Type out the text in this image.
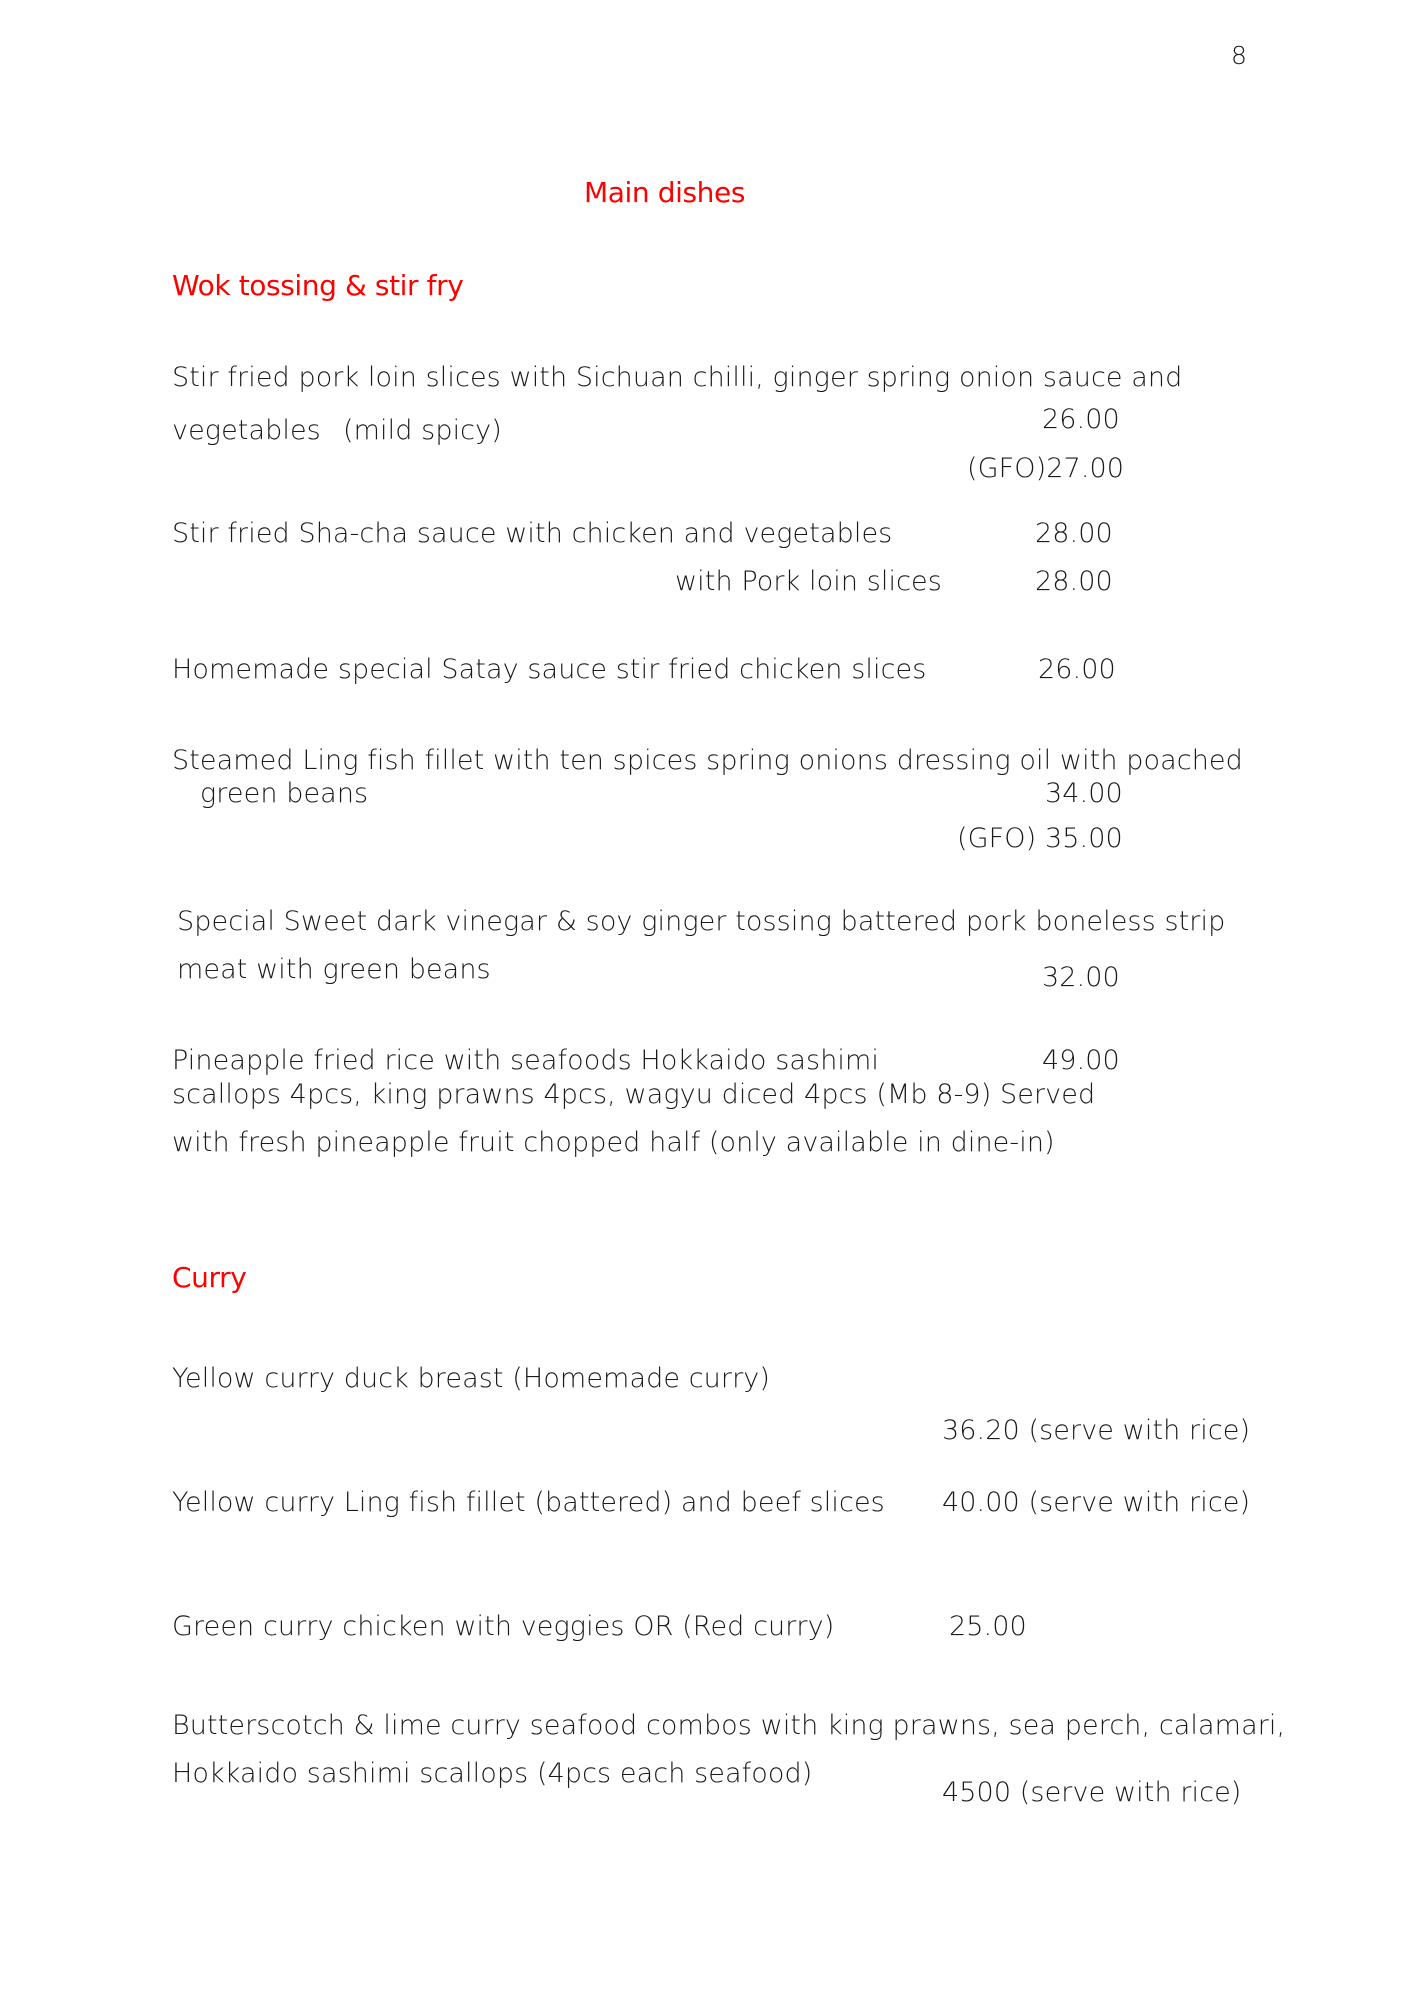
8
Main dishes
Wok tossing & stir fry
Stir fried pork loin slices with Sichuan chilli, ginger spring onion sauce and
vegetables (mild spicy)	26.00
(GFO)27.00
Stir fried Sha-cha sauce with chicken and vegetables	28.00
with Pork loin slices	28.00
Homemade special Satay sauce stir fried chicken slices	26.00
Steamed Ling fish fillet with ten spices spring onions dressing oil with poached
green beans	34.00
(GFO) 35.00
Special Sweet dark vinegar & soy ginger tossing battered pork boneless strip
meat with green beans	32.00
Pineapple fried rice with seafoods Hokkaido sashimi	49.00
scallops 4pcs, king prawns 4pcs, wagyu diced 4pcs (Mb 8-9) Served
with fresh pineapple fruit chopped half (only available in dine-in)
Curry
Yellow curry duck breast (Homemade curry)
36.20 (serve with rice)
Yellow curry Ling fish fillet (battered) and beef slices 40.00 (serve with rice)
Green curry chicken with veggies OR (Red curry)	25.00
Butterscotch & lime curry seafood combos with king prawns, sea perch, calamari,
Hokkaido sashimi scallops (4pcs each seafood)
4500 (serve with rice)
